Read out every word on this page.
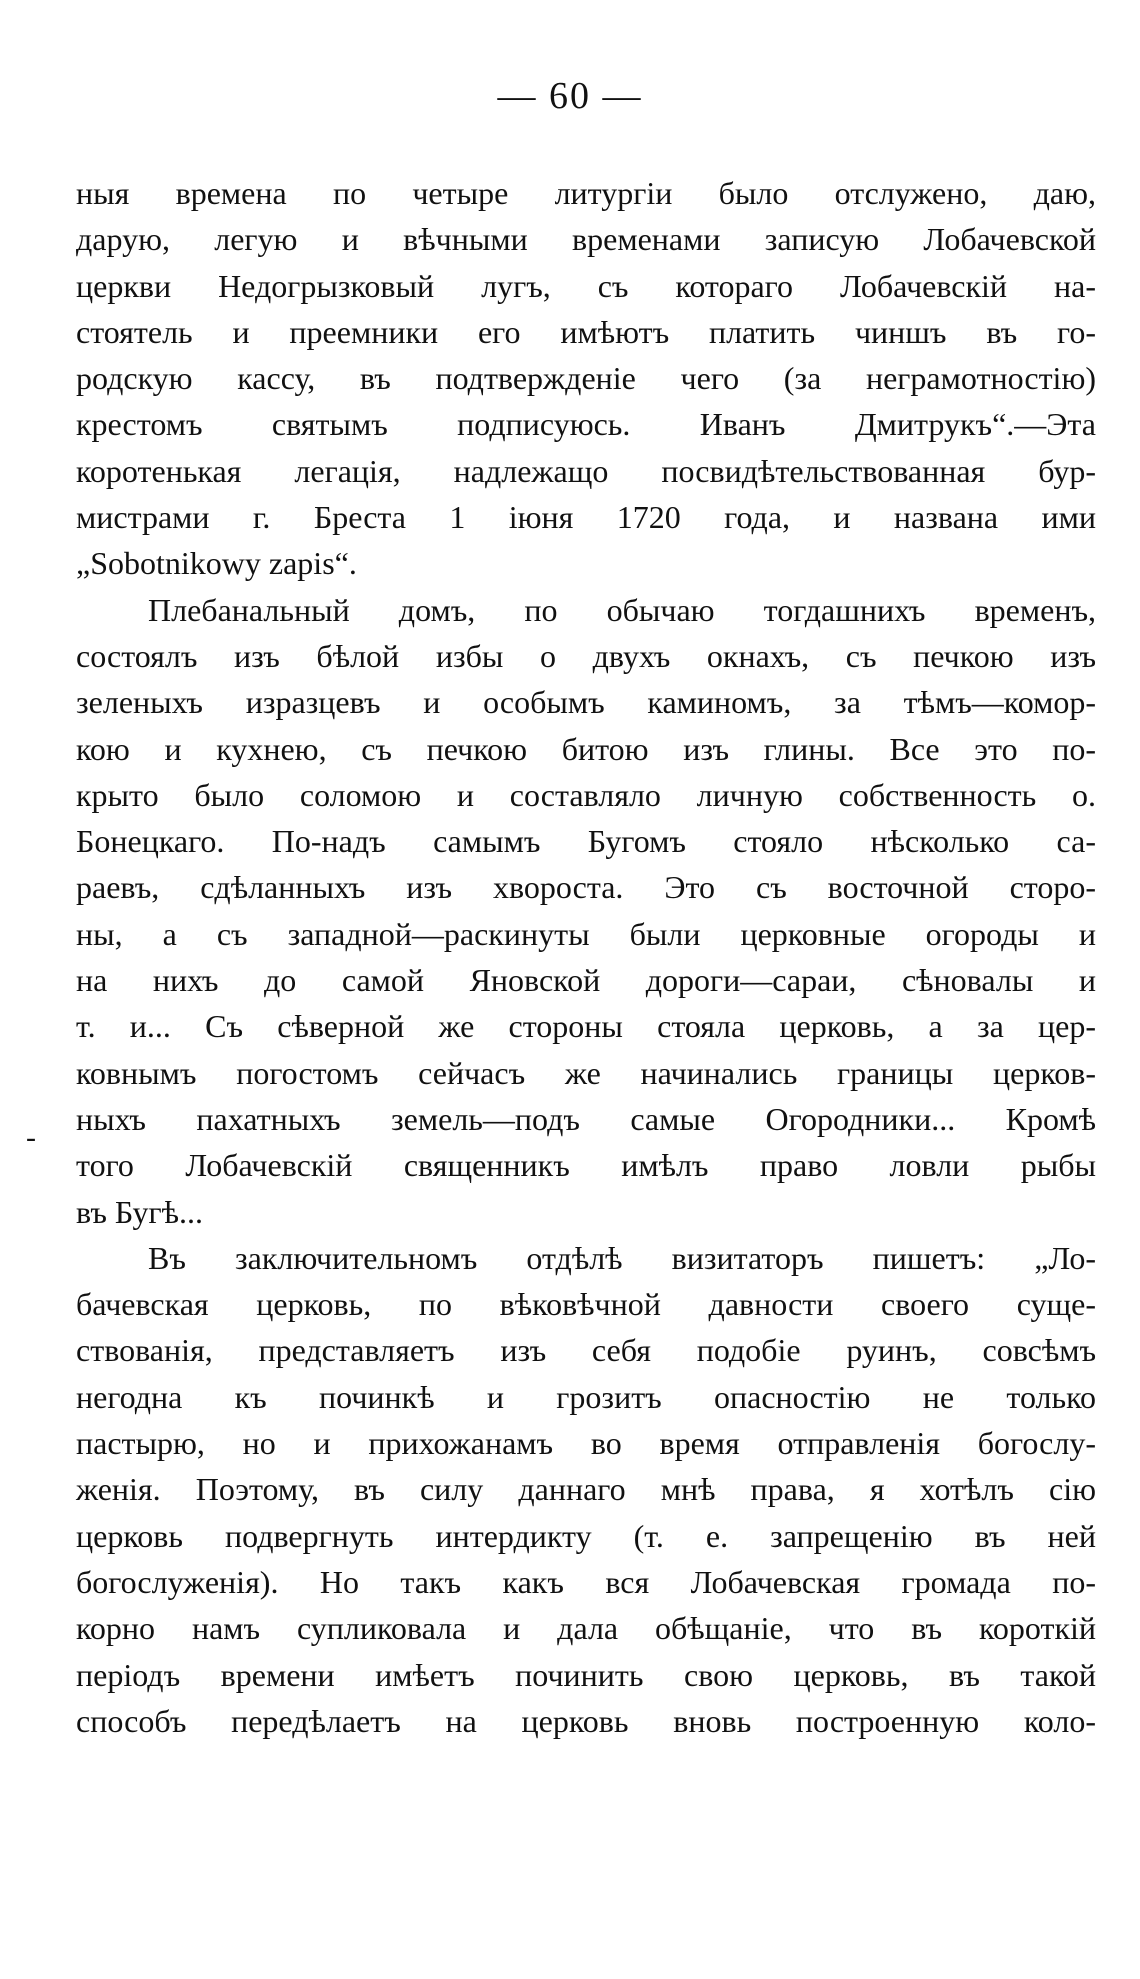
— 60 —
-
ныя времена по четыре литургіи было отслужено, даю,
дарую, легую и вѣчными временами записую Лобачевской
церкви Недогрызковый лугъ, съ котораго Лобачевскій на-
стоятель и преемники его имѣютъ платить чиншъ въ го-
родскую кассу, въ подтвержденіе чего (за неграмотностію)
крестомъ святымъ подписуюсь. Иванъ Дмитрукъ“.—Эта
коротенькая легація, надлежащо посвидѣтельствованная бур-
мистрами г. Бреста 1 іюня 1720 года, и названа ими
„Sobotnikowy zapis“.
Плебанальный домъ, по обычаю тогдашнихъ временъ,
состоялъ изъ бѣлой избы о двухъ окнахъ, съ печкою изъ
зеленыхъ изразцевъ и особымъ каминомъ, за тѣмъ—комор-
кою и кухнею, съ печкою битою изъ глины. Все это по-
крыто было соломою и составляло личную собственность о.
Бонецкаго. По-надъ самымъ Бугомъ стояло нѣсколько са-
раевъ, сдѣланныхъ изъ хвороста. Это съ восточной сторо-
ны, а съ западной—раскинуты были церковные огороды и
на нихъ до самой Яновской дороги—сараи, сѣновалы и
т. и... Съ сѣверной же стороны стояла церковь, а за цер-
ковнымъ погостомъ сейчасъ же начинались границы церков-
ныхъ пахатныхъ земель—подъ самые Огородники... Кромѣ
того Лобачевскій священникъ имѣлъ право ловли рыбы
въ Бугѣ...
Въ заключительномъ отдѣлѣ визитаторъ пишетъ: „Ло-
бачевская церковь, по вѣковѣчной давности своего суще-
ствованія, представляетъ изъ себя подобіе руинъ, совсѣмъ
негодна къ починкѣ и грозитъ опасностію не только
пастырю, но и прихожанамъ во время отправленія богослу-
женія. Поэтому, въ силу даннаго мнѣ права, я хотѣлъ сію
церковь подвергнуть интердикту (т. е. запрещенію въ ней
богослуженія). Но такъ какъ вся Лобачевская громада по-
корно намъ супликовала и дала обѣщаніе, что въ короткій
періодъ времени имѣетъ починить свою церковь, въ такой
способъ передѣлаетъ на церковь вновь построенную коло-
